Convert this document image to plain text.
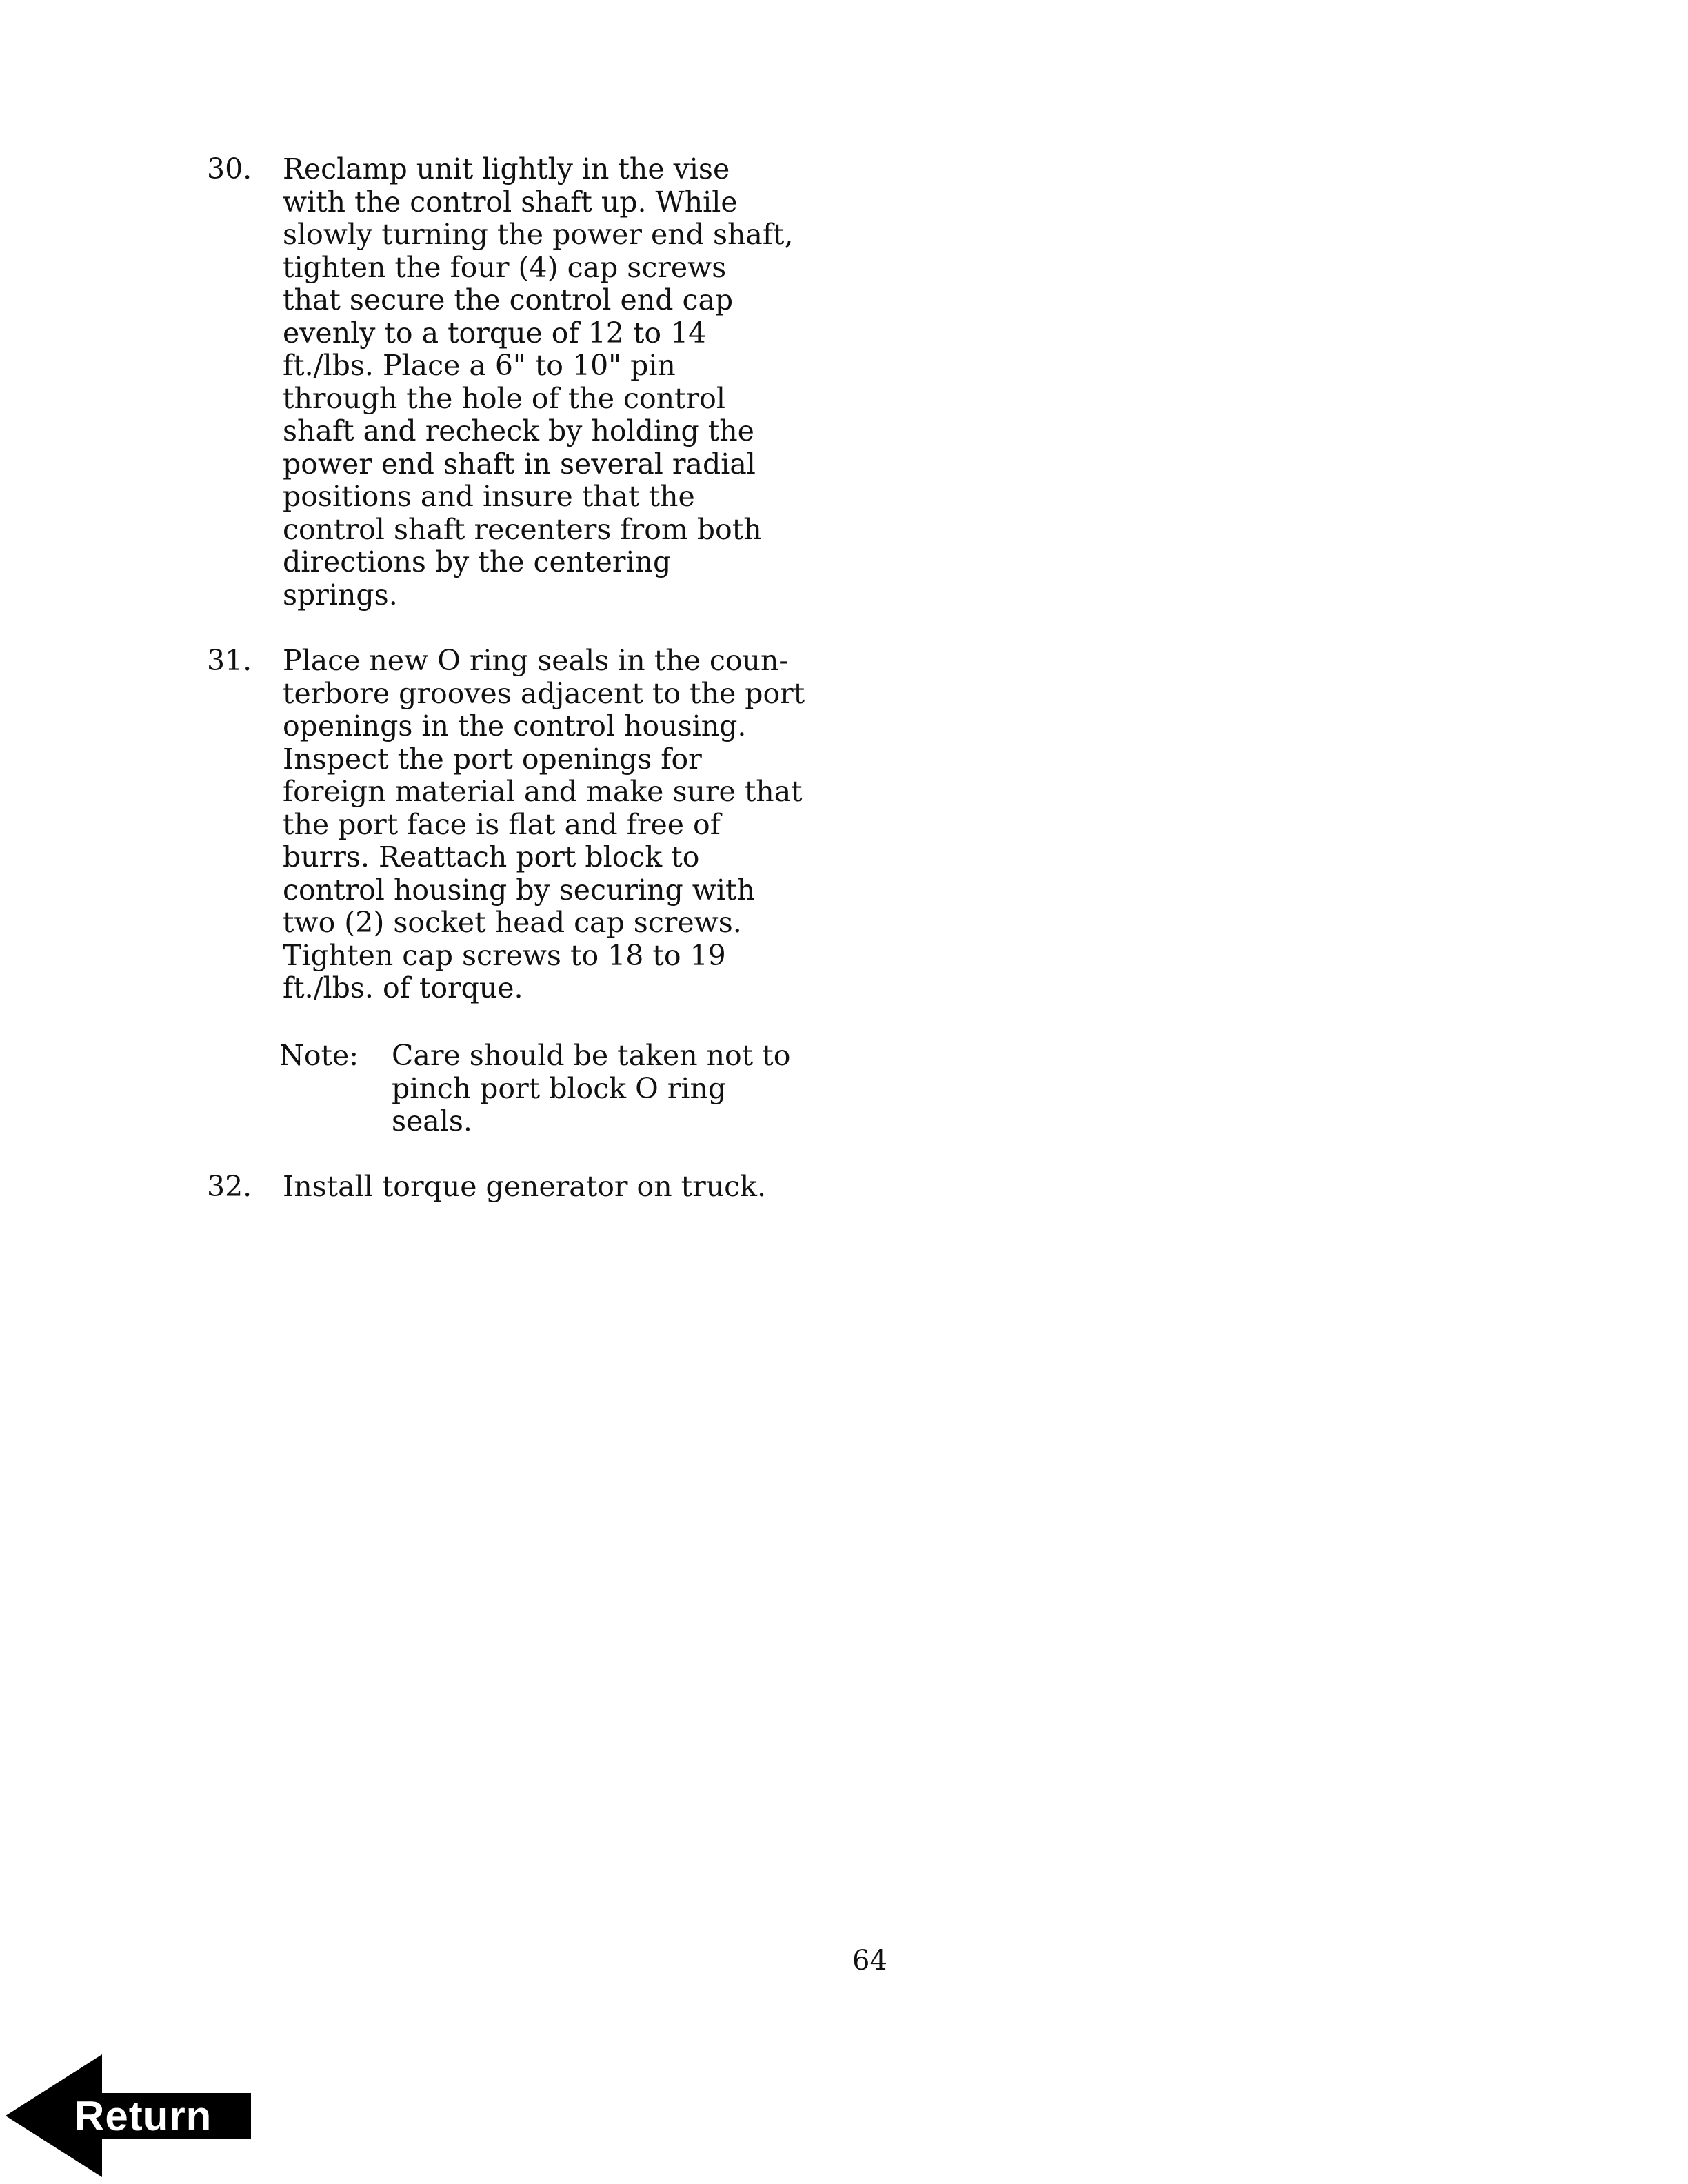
30.	Reclamp unit lightly in the vise
with the control shaft up. While
slowly turning the power end shaft,
tighten the four (4) cap screws
that secure the control end cap
evenly to a torque of 12 to 14
ft./lbs. Place a 6" to 10" pin
through the hole of the control
shaft and recheck by holding the
power end shaft in several radial
positions and insure that the
control shaft recenters from both
directions by the centering
springs.
31.	Place new O ring seals in the coun-
terbore grooves adjacent to the port
openings in the control housing.
Inspect the port openings for
foreign material and make sure that
the port face is flat and free of
burrs. Reattach port block to
control housing by securing with
two (2) socket head cap screws.
Tighten cap screws to 18 to 19
ft./lbs. of torque.
Note:	Care should be taken not to
pinch port block O ring
seals.
32.	Install torque generator on truck.
64
Return
